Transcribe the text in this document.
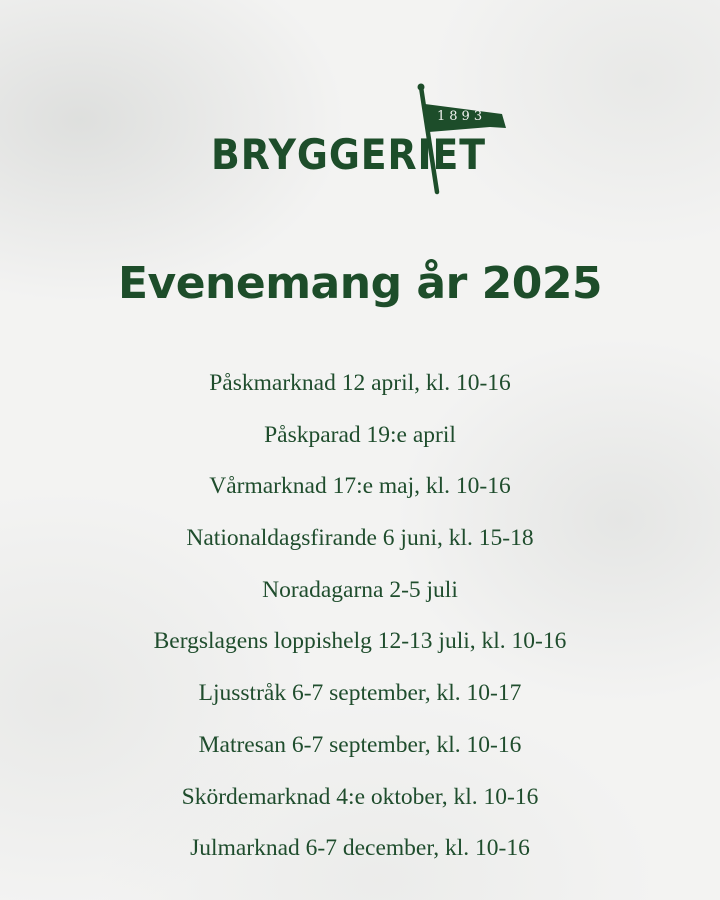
BRYGGERIET
1893
Evenemang år 2025
Påskmarknad 12 april, kl. 10-16
Påskparad 19:e april
Vårmarknad 17:e maj, kl. 10-16
Nationaldagsfirande 6 juni, kl. 15-18
Noradagarna 2-5 juli
Bergslagens loppishelg 12-13 juli, kl. 10-16
Ljusstråk 6-7 september, kl. 10-17
Matresan 6-7 september, kl. 10-16
Skördemarknad 4:e oktober, kl. 10-16
Julmarknad 6-7 december, kl. 10-16
